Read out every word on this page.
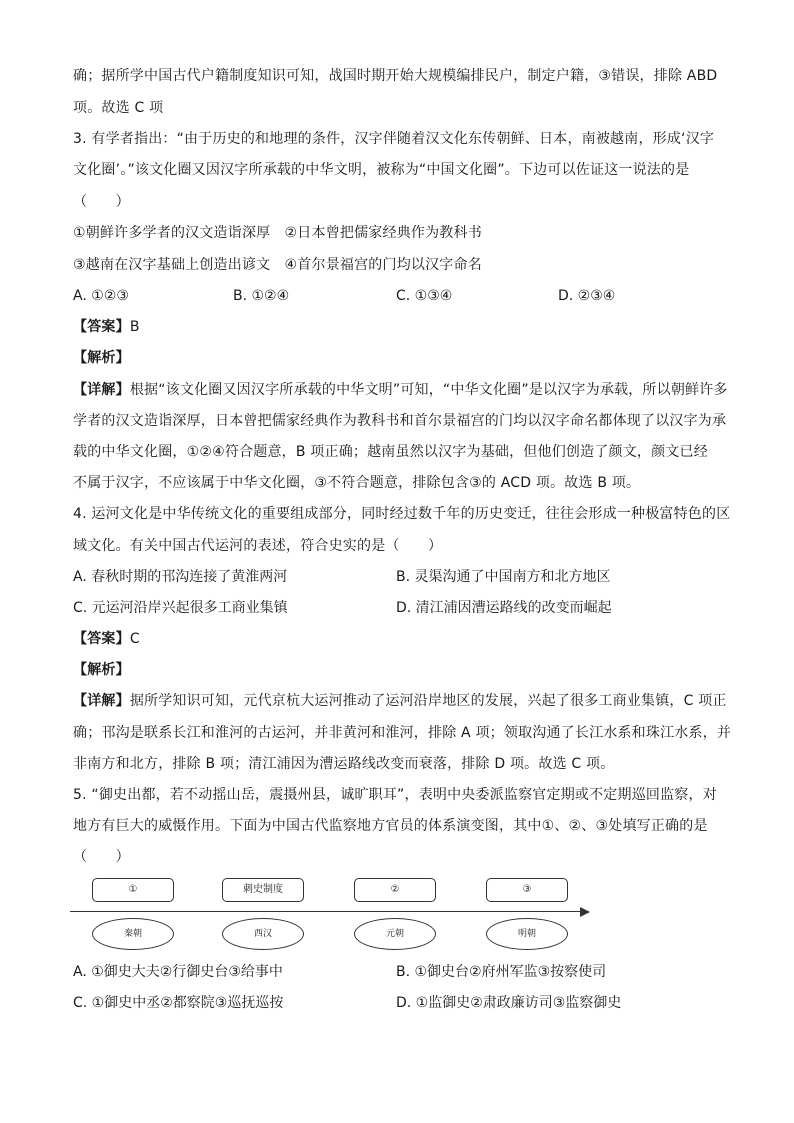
确；据所学中国古代户籍制度知识可知，战国时期开始大规模编排民户，制定户籍，③错误，排除 ABD
项。故选 C 项
3. 有学者指出：“由于历史的和地理的条件，汉字伴随着汉文化东传朝鲜、日本，南被越南，形成‘汉字
文化圈’。”该文化圈又因汉字所承载的中华文明，被称为“中国文化圈”。下边可以佐证这一说法的是
（　　）
①朝鲜许多学者的汉文造诣深厚　②日本曾把儒家经典作为教科书
③越南在汉字基础上创造出谚文　④首尔景福宫的门均以汉字命名
A. ①②③	B. ①②④	C. ①③④	D. ②③④
【答案】B
【解析】
【详解】根据“该文化圈又因汉字所承载的中华文明”可知，“中华文化圈”是以汉字为承载，所以朝鲜许多
学者的汉文造诣深厚，日本曾把儒家经典作为教科书和首尔景福宫的门均以汉字命名都体现了以汉字为承
载的中华文化圈，①②④符合题意，B 项正确；越南虽然以汉字为基础，但他们创造了颜文，颜文已经
不属于汉字，不应该属于中华文化圈，③不符合题意，排除包含③的 ACD 项。故选 B 项。
4. 运河文化是中华传统文化的重要组成部分，同时经过数千年的历史变迁，往往会形成一种极富特色的区
域文化。有关中国古代运河的表述，符合史实的是（　　）
A. 春秋时期的邗沟连接了黄淮两河	B. 灵渠沟通了中国南方和北方地区
C. 元运河沿岸兴起很多工商业集镇	D. 清江浦因漕运路线的改变而崛起
【答案】C
【解析】
【详解】据所学知识可知，元代京杭大运河推动了运河沿岸地区的发展，兴起了很多工商业集镇，C 项正
确；邗沟是联系长江和淮河的古运河，并非黄河和淮河，排除 A 项；领取沟通了长江水系和珠江水系，并
非南方和北方，排除 B 项；清江浦因为漕运路线改变而衰落，排除 D 项。故选 C 项。
5. “御史出都，若不动摇山岳，震摄州县，诚旷职耳”，表明中央委派监察官定期或不定期巡回监察，对
地方有巨大的威慑作用。下面为中国古代监察地方官员的体系演变图，其中①、②、③处填写正确的是
（　　）
①	刺史制度	②	③
秦朝	西汉	元朝	明朝
A. ①御史大夫②行御史台③给事中	B. ①御史台②府州军监③按察使司
C. ①御史中丞②都察院③巡抚巡按	D. ①监御史②肃政廉访司③监察御史
